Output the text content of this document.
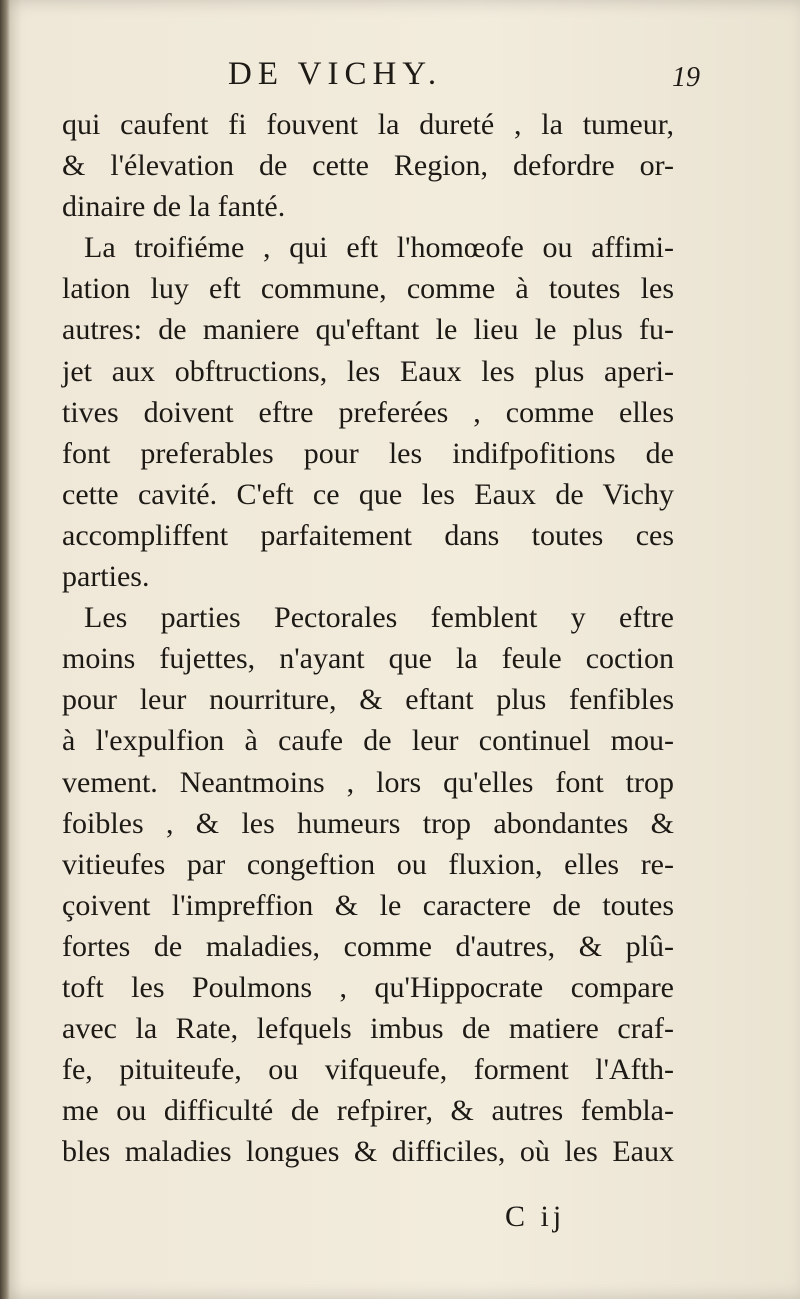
DE VICHY.	19
qui caufent fi fouvent la dureté , la tumeur,
& l'élevation de cette Region, defordre or-
dinaire de la fanté.
La troifiéme , qui eft l'homœofe ou affimi-
lation luy eft commune, comme à toutes les
autres: de maniere qu'eftant le lieu le plus fu-
jet aux obftructions, les Eaux les plus aperi-
tives doivent eftre preferées , comme elles
font preferables pour les indifpofitions de
cette cavité. C'eft ce que les Eaux de Vichy
accompliffent parfaitement dans toutes ces
parties.
Les parties Pectorales femblent y eftre
moins fujettes, n'ayant que la feule coction
pour leur nourriture, & eftant plus fenfibles
à l'expulfion à caufe de leur continuel mou-
vement. Neantmoins , lors qu'elles font trop
foibles , & les humeurs trop abondantes &
vitieufes par congeftion ou fluxion, elles re-
çoivent l'impreffion & le caractere de toutes
fortes de maladies, comme d'autres, & plû-
toft les Poulmons , qu'Hippocrate compare
avec la Rate, lefquels imbus de matiere craf-
fe, pituiteufe, ou vifqueufe, forment l'Afth-
me ou difficulté de refpirer, & autres fembla-
bles maladies longues & difficiles, où les Eaux
C ij
